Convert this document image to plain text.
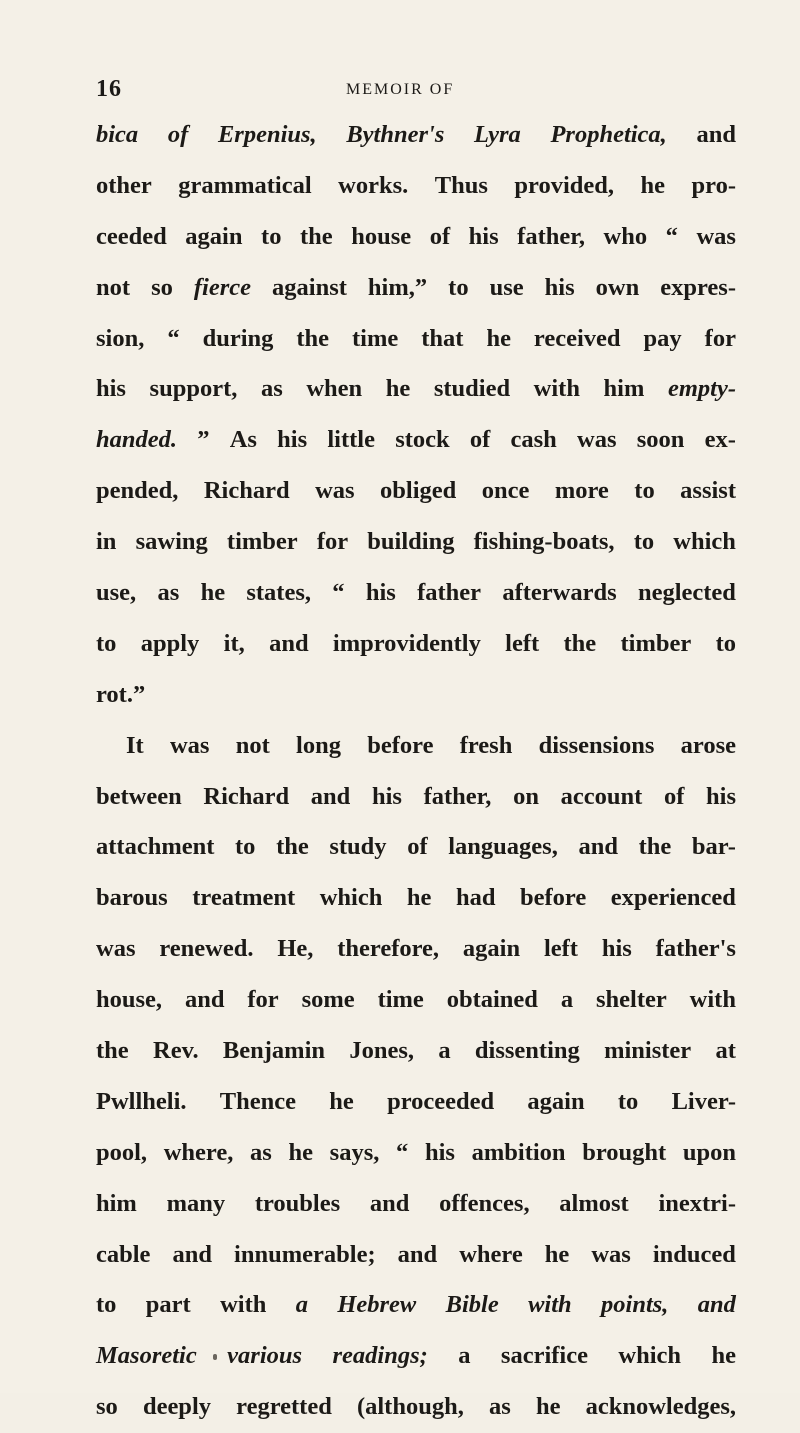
16	MEMOIR OF
bica of Erpenius, Bythner's Lyra Prophetica, and
other grammatical works. Thus provided, he pro-
ceeded again to the house of his father, who “ was
not so fierce against him,” to use his own expres-
sion, “ during the time that he received pay for
his support, as when he studied with him empty-
handed. ” As his little stock of cash was soon ex-
pended, Richard was obliged once more to assist
in sawing timber for building fishing-boats, to which
use, as he states, “ his father afterwards neglected
to apply it, and improvidently left the timber to
rot.”

It was not long before fresh dissensions arose
between Richard and his father, on account of his
attachment to the study of languages, and the bar-
barous treatment which he had before experienced
was renewed. He, therefore, again left his father's
house, and for some time obtained a shelter with
the Rev. Benjamin Jones, a dissenting minister at
Pwllheli. Thence he proceeded again to Liver-
pool, where, as he says, “ his ambition brought upon
him many troubles and offences, almost inextri-
cable and innumerable; and where he was induced
to part with a Hebrew Bible with points, and
Masoretic various readings; a sacrifice which he
so deeply regretted (although, as he acknowledges,
